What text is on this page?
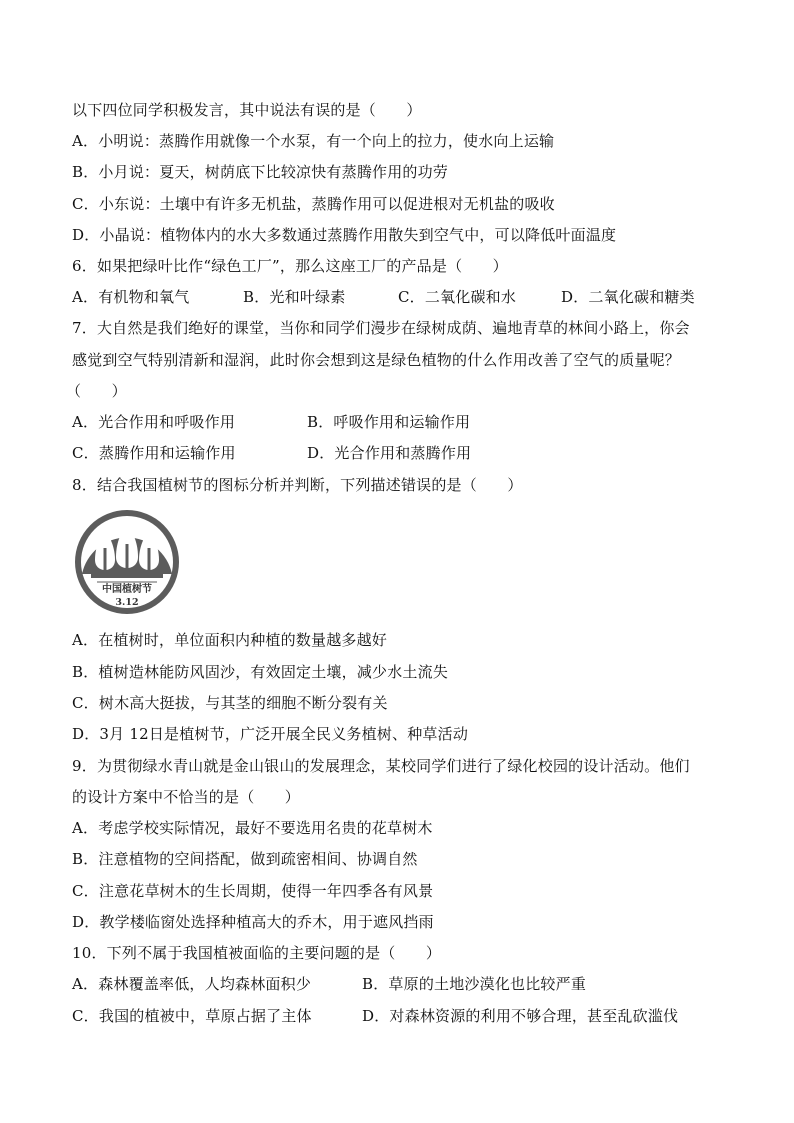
以下四位同学积极发言，其中说法有误的是（　　）
A．小明说：蒸腾作用就像一个水泵，有一个向上的拉力，使水向上运输
B．小月说：夏天，树荫底下比较凉快有蒸腾作用的功劳
C．小东说：土壤中有许多无机盐，蒸腾作用可以促进根对无机盐的吸收
D．小晶说：植物体内的水大多数通过蒸腾作用散失到空气中，可以降低叶面温度
6．如果把绿叶比作“绿色工厂”，那么这座工厂的产品是（　　）
A．有机物和氧气	B．光和叶绿素	C．二氧化碳和水	D．二氧化碳和糖类
7．大自然是我们绝好的课堂，当你和同学们漫步在绿树成荫、遍地青草的林间小路上，你会
感觉到空气特别清新和湿润，此时你会想到这是绿色植物的什么作用改善了空气的质量呢？
（　　）
A．光合作用和呼吸作用	B．呼吸作用和运输作用
C．蒸腾作用和运输作用	D．光合作用和蒸腾作用
8．结合我国植树节的图标分析并判断，下列描述错误的是（　　）
中国植树节
3.12
A．在植树时，单位面积内种植的数量越多越好
B．植树造林能防风固沙，有效固定土壤，减少水土流失
C．树木高大挺拔，与其茎的细胞不断分裂有关
D．3月 12日是植树节，广泛开展全民义务植树、种草活动
9．为贯彻绿水青山就是金山银山的发展理念，某校同学们进行了绿化校园的设计活动。他们
的设计方案中不恰当的是（　　）
A．考虑学校实际情况，最好不要选用名贵的花草树木
B．注意植物的空间搭配，做到疏密相间、协调自然
C．注意花草树木的生长周期，使得一年四季各有风景
D．教学楼临窗处选择种植高大的乔木，用于遮风挡雨
10．下列不属于我国植被面临的主要问题的是（　　）
A．森林覆盖率低，人均森林面积少	B．草原的土地沙漠化也比较严重
C．我国的植被中，草原占据了主体	D．对森林资源的利用不够合理，甚至乱砍滥伐
